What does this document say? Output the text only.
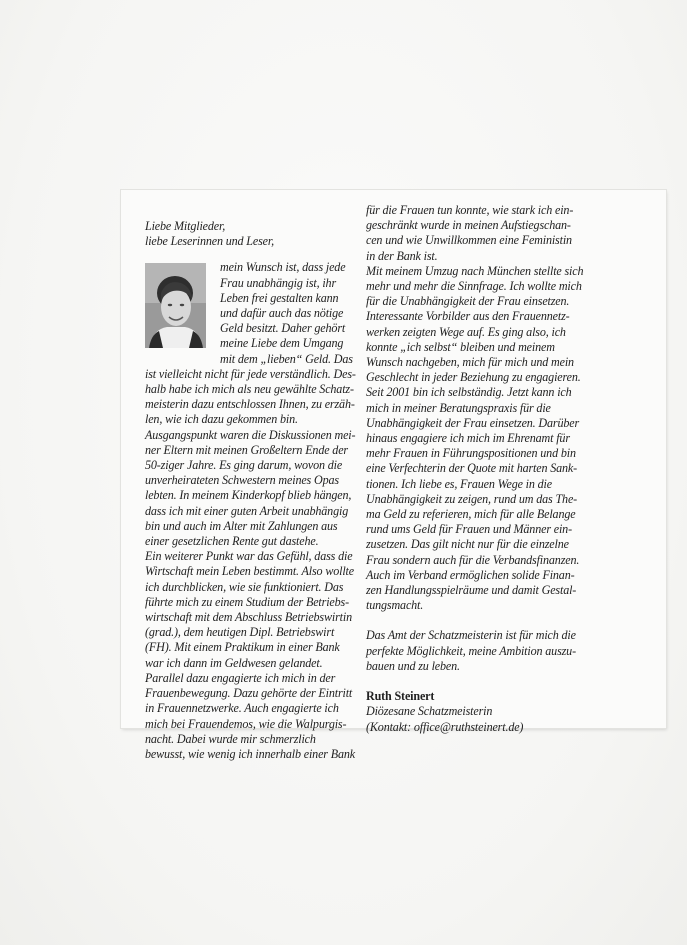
Liebe Mitglieder,
liebe Leserinnen und Leser,
mein Wunsch ist, dass jede
Frau unabhängig ist, ihr
Leben frei gestalten kann
und dafür auch das nötige
Geld besitzt. Daher gehört
meine Liebe dem Umgang
mit dem „lieben“ Geld. Das
ist vielleicht nicht für jede verständlich. Des-
halb habe ich mich als neu gewählte Schatz-
meisterin dazu entschlossen Ihnen, zu erzäh-
len, wie ich dazu gekommen bin.
Ausgangspunkt waren die Diskussionen mei-
ner Eltern mit meinen Großeltern Ende der
50-ziger Jahre. Es ging darum, wovon die
unverheirateten Schwestern meines Opas
lebten. In meinem Kinderkopf blieb hängen,
dass ich mit einer guten Arbeit unabhängig
bin und auch im Alter mit Zahlungen aus
einer gesetzlichen Rente gut dastehe.
Ein weiterer Punkt war das Gefühl, dass die
Wirtschaft mein Leben bestimmt. Also wollte
ich durchblicken, wie sie funktioniert. Das
führte mich zu einem Studium der Betriebs-
wirtschaft mit dem Abschluss Betriebswirtin
(grad.), dem heutigen Dipl. Betriebswirt
(FH). Mit einem Praktikum in einer Bank
war ich dann im Geldwesen gelandet.
Parallel dazu engagierte ich mich in der
Frauenbewegung. Dazu gehörte der Eintritt
in Frauennetzwerke. Auch engagierte ich
mich bei Frauendemos, wie die Walpurgis-
nacht. Dabei wurde mir schmerzlich
bewusst, wie wenig ich innerhalb einer Bank
für die Frauen tun konnte, wie stark ich ein-
geschränkt wurde in meinen Aufstiegschan-
cen und wie Unwillkommen eine Feministin
in der Bank ist.
Mit meinem Umzug nach München stellte sich
mehr und mehr die Sinnfrage. Ich wollte mich
für die Unabhängigkeit der Frau einsetzen.
Interessante Vorbilder aus den Frauennetz-
werken zeigten Wege auf. Es ging also, ich
konnte „ich selbst“ bleiben und meinem
Wunsch nachgeben, mich für mich und mein
Geschlecht in jeder Beziehung zu engagieren.
Seit 2001 bin ich selbständig. Jetzt kann ich
mich in meiner Beratungspraxis für die
Unabhängigkeit der Frau einsetzen. Darüber
hinaus engagiere ich mich im Ehrenamt für
mehr Frauen in Führungspositionen und bin
eine Verfechterin der Quote mit harten Sank-
tionen. Ich liebe es, Frauen Wege in die
Unabhängigkeit zu zeigen, rund um das The-
ma Geld zu referieren, mich für alle Belange
rund ums Geld für Frauen und Männer ein-
zusetzen. Das gilt nicht nur für die einzelne
Frau sondern auch für die Verbandsfinanzen.
Auch im Verband ermöglichen solide Finan-
zen Handlungsspielräume und damit Gestal-
tungsmacht.
Das Amt der Schatzmeisterin ist für mich die
perfekte Möglichkeit, meine Ambition auszu-
bauen und zu leben.
Ruth Steinert
Diözesane Schatzmeisterin
(Kontakt: office@ruthsteinert.de)
